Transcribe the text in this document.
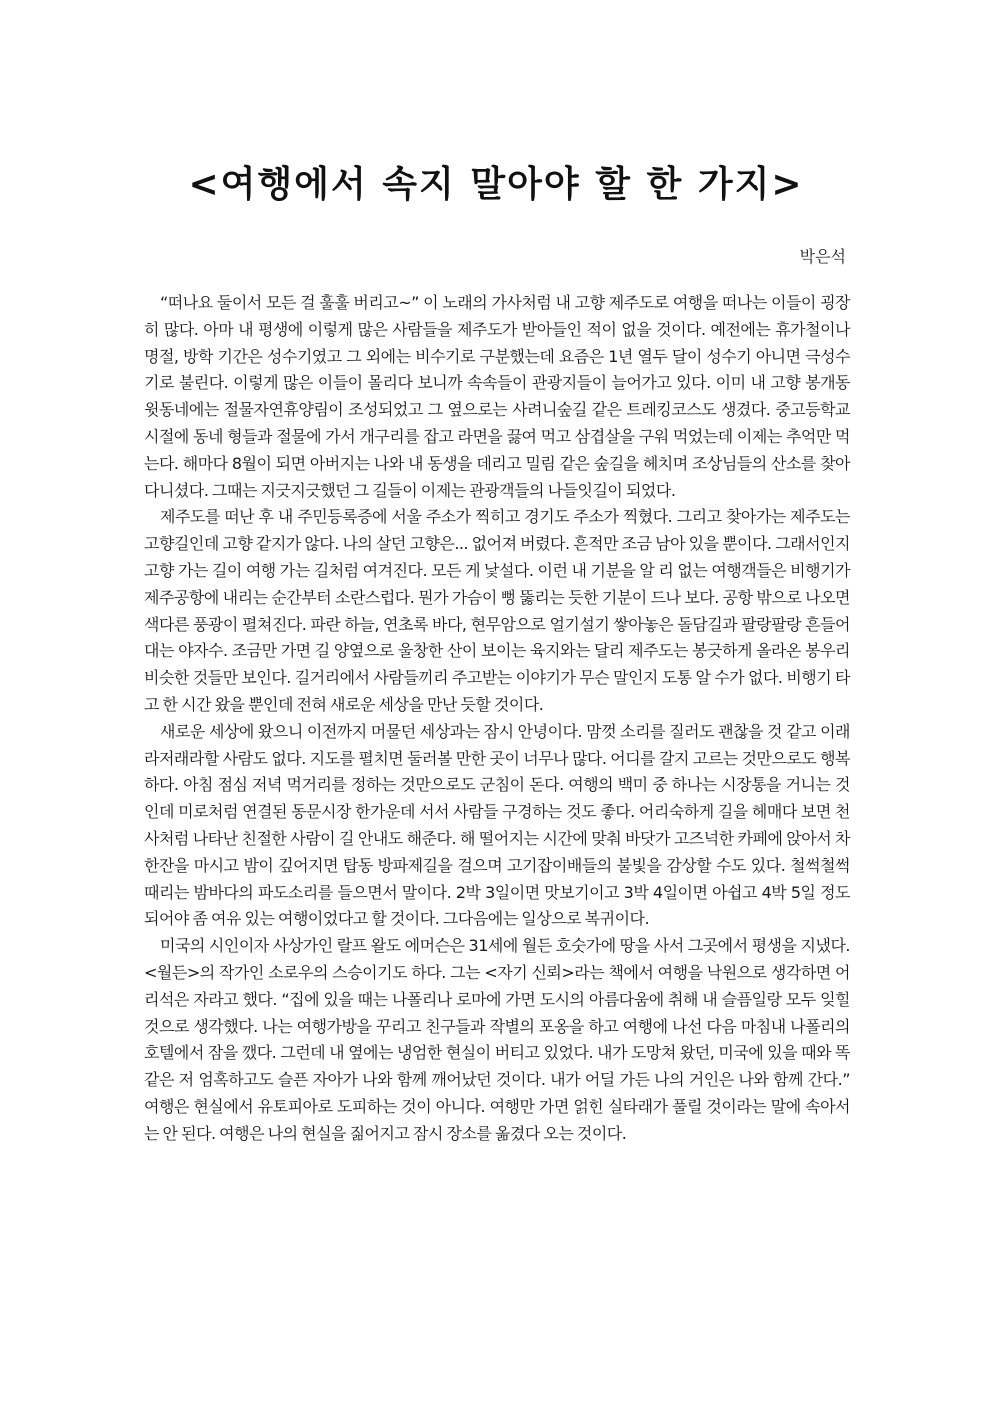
<여행에서 속지 말아야 할 한 가지>
박은석

“떠나요 둘이서 모든 걸 훌훌 버리고~” 이 노래의 가사처럼 내 고향 제주도로 여행을 떠나는 이들이 굉장히 많다. 아마 내 평생에 이렇게 많은 사람들을 제주도가 받아들인 적이 없을 것이다. 예전에는 휴가철이나 명절, 방학 기간은 성수기였고 그 외에는 비수기로 구분했는데 요즘은 1년 열두 달이 성수기 아니면 극성수기로 불린다. 이렇게 많은 이들이 몰리다 보니까 속속들이 관광지들이 늘어가고 있다. 이미 내 고향 봉개동 윗동네에는 절물자연휴양림이 조성되었고 그 옆으로는 사려니숲길 같은 트레킹코스도 생겼다. 중고등학교 시절에 동네 형들과 절물에 가서 개구리를 잡고 라면을 끓여 먹고 삼겹살을 구워 먹었는데 이제는 추억만 먹는다. 해마다 8월이 되면 아버지는 나와 내 동생을 데리고 밀림 같은 숲길을 헤치며 조상님들의 산소를 찾아다니셨다. 그때는 지긋지긋했던 그 길들이 이제는 관광객들의 나들잇길이 되었다.

제주도를 떠난 후 내 주민등록증에 서울 주소가 찍히고 경기도 주소가 찍혔다. 그리고 찾아가는 제주도는 고향길인데 고향 같지가 않다. 나의 살던 고향은... 없어져 버렸다. 흔적만 조금 남아 있을 뿐이다. 그래서인지 고향 가는 길이 여행 가는 길처럼 여겨진다. 모든 게 낯설다. 이런 내 기분을 알 리 없는 여행객들은 비행기가 제주공항에 내리는 순간부터 소란스럽다. 뭔가 가슴이 뻥 뚫리는 듯한 기분이 드나 보다. 공항 밖으로 나오면 색다른 풍광이 펼쳐진다. 파란 하늘, 연초록 바다, 현무암으로 얼기설기 쌓아놓은 돌담길과 팔랑팔랑 흔들어대는 야자수. 조금만 가면 길 양옆으로 울창한 산이 보이는 육지와는 달리 제주도는 봉긋하게 올라온 봉우리 비슷한 것들만 보인다. 길거리에서 사람들끼리 주고받는 이야기가 무슨 말인지 도통 알 수가 없다. 비행기 타고 한 시간 왔을 뿐인데 전혀 새로운 세상을 만난 듯할 것이다.

새로운 세상에 왔으니 이전까지 머물던 세상과는 잠시 안녕이다. 맘껏 소리를 질러도 괜찮을 것 같고 이래라저래라할 사람도 없다. 지도를 펼치면 둘러볼 만한 곳이 너무나 많다. 어디를 갈지 고르는 것만으로도 행복하다. 아침 점심 저녁 먹거리를 정하는 것만으로도 군침이 돈다. 여행의 백미 중 하나는 시장통을 거니는 것인데 미로처럼 연결된 동문시장 한가운데 서서 사람들 구경하는 것도 좋다. 어리숙하게 길을 헤매다 보면 천사처럼 나타난 친절한 사람이 길 안내도 해준다. 해 떨어지는 시간에 맞춰 바닷가 고즈넉한 카페에 앉아서 차 한잔을 마시고 밤이 깊어지면 탑동 방파제길을 걸으며 고기잡이배들의 불빛을 감상할 수도 있다. 철썩철썩 때리는 밤바다의 파도소리를 들으면서 말이다. 2박 3일이면 맛보기이고 3박 4일이면 아쉽고 4박 5일 정도 되어야 좀 여유 있는 여행이었다고 할 것이다. 그다음에는 일상으로 복귀이다.

미국의 시인이자 사상가인 랄프 왈도 에머슨은 31세에 월든 호숫가에 땅을 사서 그곳에서 평생을 지냈다. <월든>의 작가인 소로우의 스승이기도 하다. 그는 <자기 신뢰>라는 책에서 여행을 낙원으로 생각하면 어리석은 자라고 했다. “집에 있을 때는 나폴리나 로마에 가면 도시의 아름다움에 취해 내 슬픔일랑 모두 잊힐 것으로 생각했다. 나는 여행가방을 꾸리고 친구들과 작별의 포옹을 하고 여행에 나선 다음 마침내 나폴리의 호텔에서 잠을 깼다. 그런데 내 옆에는 냉엄한 현실이 버티고 있었다. 내가 도망쳐 왔던, 미국에 있을 때와 똑같은 저 엄혹하고도 슬픈 자아가 나와 함께 깨어났던 것이다. 내가 어딜 가든 나의 거인은 나와 함께 간다.” 여행은 현실에서 유토피아로 도피하는 것이 아니다. 여행만 가면 얽힌 실타래가 풀릴 것이라는 말에 속아서는 안 된다. 여행은 나의 현실을 짊어지고 잠시 장소를 옮겼다 오는 것이다.
